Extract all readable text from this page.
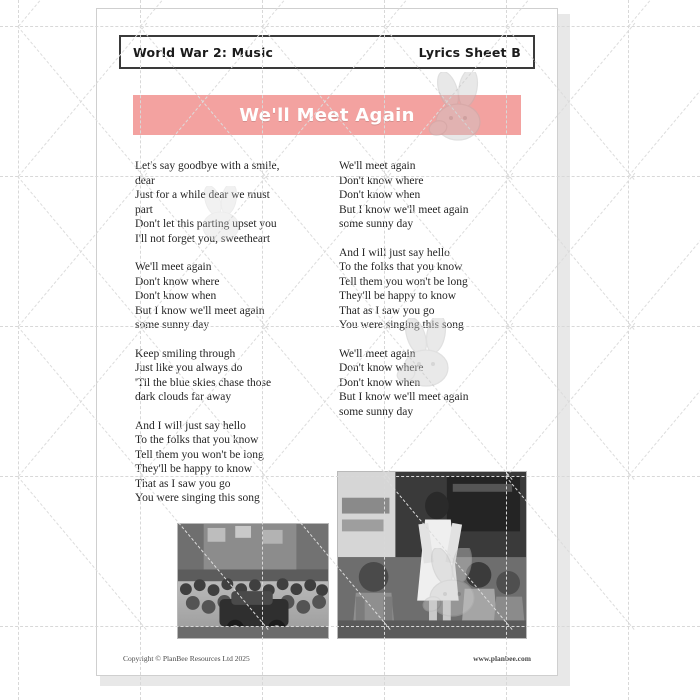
World War 2: Music	Lyrics Sheet B
We'll Meet Again
Let's say goodbye with a smile,
dear
Just for a while dear we must
part
Don't let this parting upset you
I'll not forget you, sweetheart
We'll meet again
Don't know where
Don't know when
But I know we'll meet again
some sunny day
Keep smiling through
Just like you always do
'Til the blue skies chase those
dark clouds far away
And I will just say hello
To the folks that you know
Tell them you won't be long
They'll be happy to know
That as I saw you go
You were singing this song
We'll meet again
Don't know where
Don't know when
But I know we'll meet again
some sunny day
And I will just say hello
To the folks that you know
Tell them you won't be long
They'll be happy to know
That as I saw you go
You were singing this song
We'll meet again
Don't know where
Don't know when
But I know we'll meet again
some sunny day
Copyright © PlanBee Resources Ltd 2025	www.planbee.com
